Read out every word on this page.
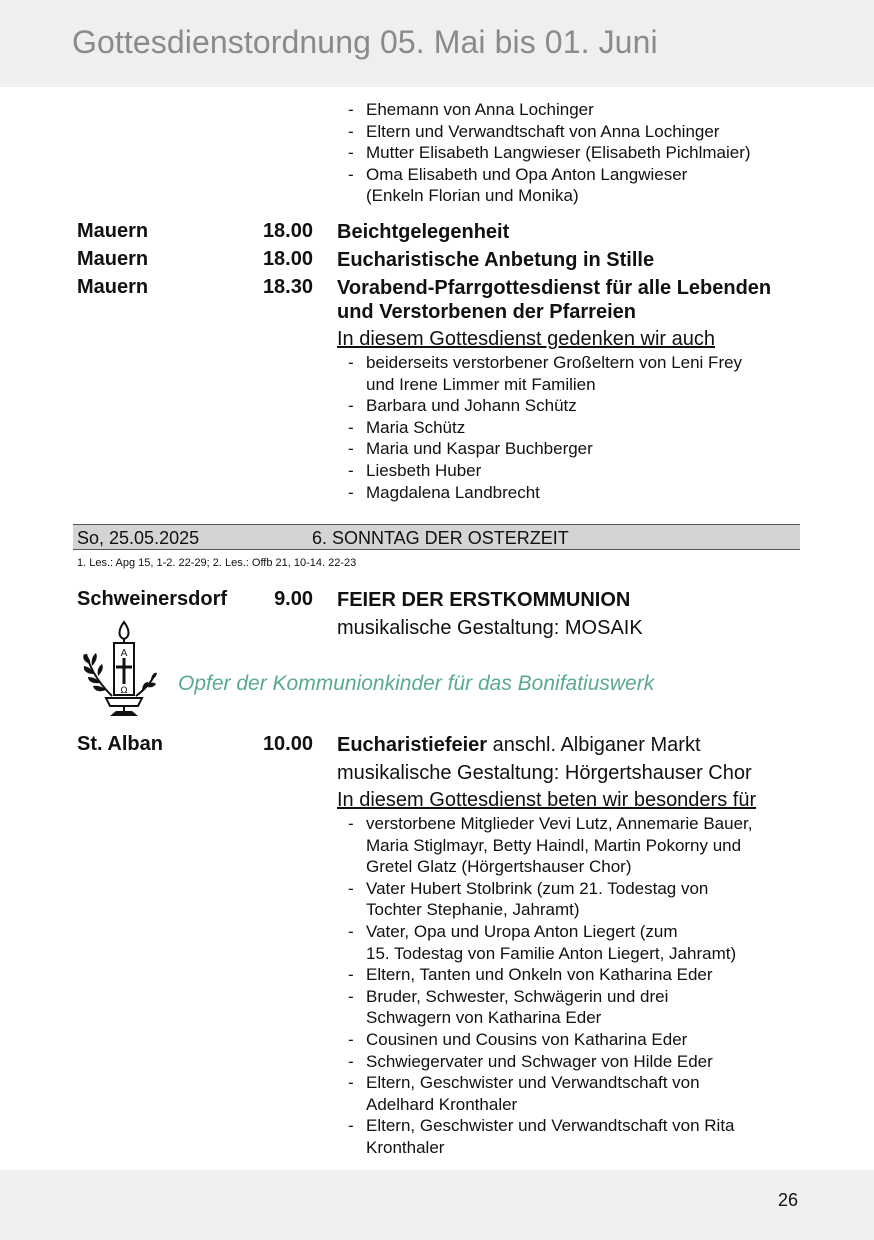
Gottesdienstordnung 05. Mai bis 01. Juni
- Ehemann von Anna Lochinger
- Eltern und Verwandtschaft von Anna Lochinger
- Mutter Elisabeth Langwieser (Elisabeth Pichlmaier)
- Oma Elisabeth und Opa Anton Langwieser
(Enkeln Florian und Monika)
Mauern	18.00 Beichtgelegenheit
Mauern	18.00 Eucharistische Anbetung in Stille
Mauern	18.30 Vorabend-Pfarrgottesdienst für alle Lebenden
und Verstorbenen der Pfarreien
In diesem Gottesdienst gedenken wir auch
- beiderseits verstorbener Großeltern von Leni Frey
und Irene Limmer mit Familien
- Barbara und Johann Schütz
- Maria Schütz
- Maria und Kaspar Buchberger
- Liesbeth Huber
- Magdalena Landbrecht
So, 25.05.2025	6. SONNTAG DER OSTERZEIT
1. Les.: Apg 15, 1-2. 22-29; 2. Les.: Offb 21, 10-14. 22-23
Schweinersdorf	9.00 FEIER DER ERSTKOMMUNION
musikalische Gestaltung: MOSAIK
A
Ω Opfer der Kommunionkinder für das Bonifatiuswerk
St. Alban	10.00 Eucharistiefeier anschl. Albiganer Markt
musikalische Gestaltung: Hörgertshauser Chor
In diesem Gottesdienst beten wir besonders für
- verstorbene Mitglieder Vevi Lutz, Annemarie Bauer,
Maria Stiglmayr, Betty Haindl, Martin Pokorny und
Gretel Glatz (Hörgertshauser Chor)
- Vater Hubert Stolbrink (zum 21. Todestag von
Tochter Stephanie, Jahramt)
- Vater, Opa und Uropa Anton Liegert (zum
15. Todestag von Familie Anton Liegert, Jahramt)
- Eltern, Tanten und Onkeln von Katharina Eder
- Bruder, Schwester, Schwägerin und drei
Schwagern von Katharina Eder
- Cousinen und Cousins von Katharina Eder
- Schwiegervater und Schwager von Hilde Eder
- Eltern, Geschwister und Verwandtschaft von
Adelhard Kronthaler
- Eltern, Geschwister und Verwandtschaft von Rita
Kronthaler
26
